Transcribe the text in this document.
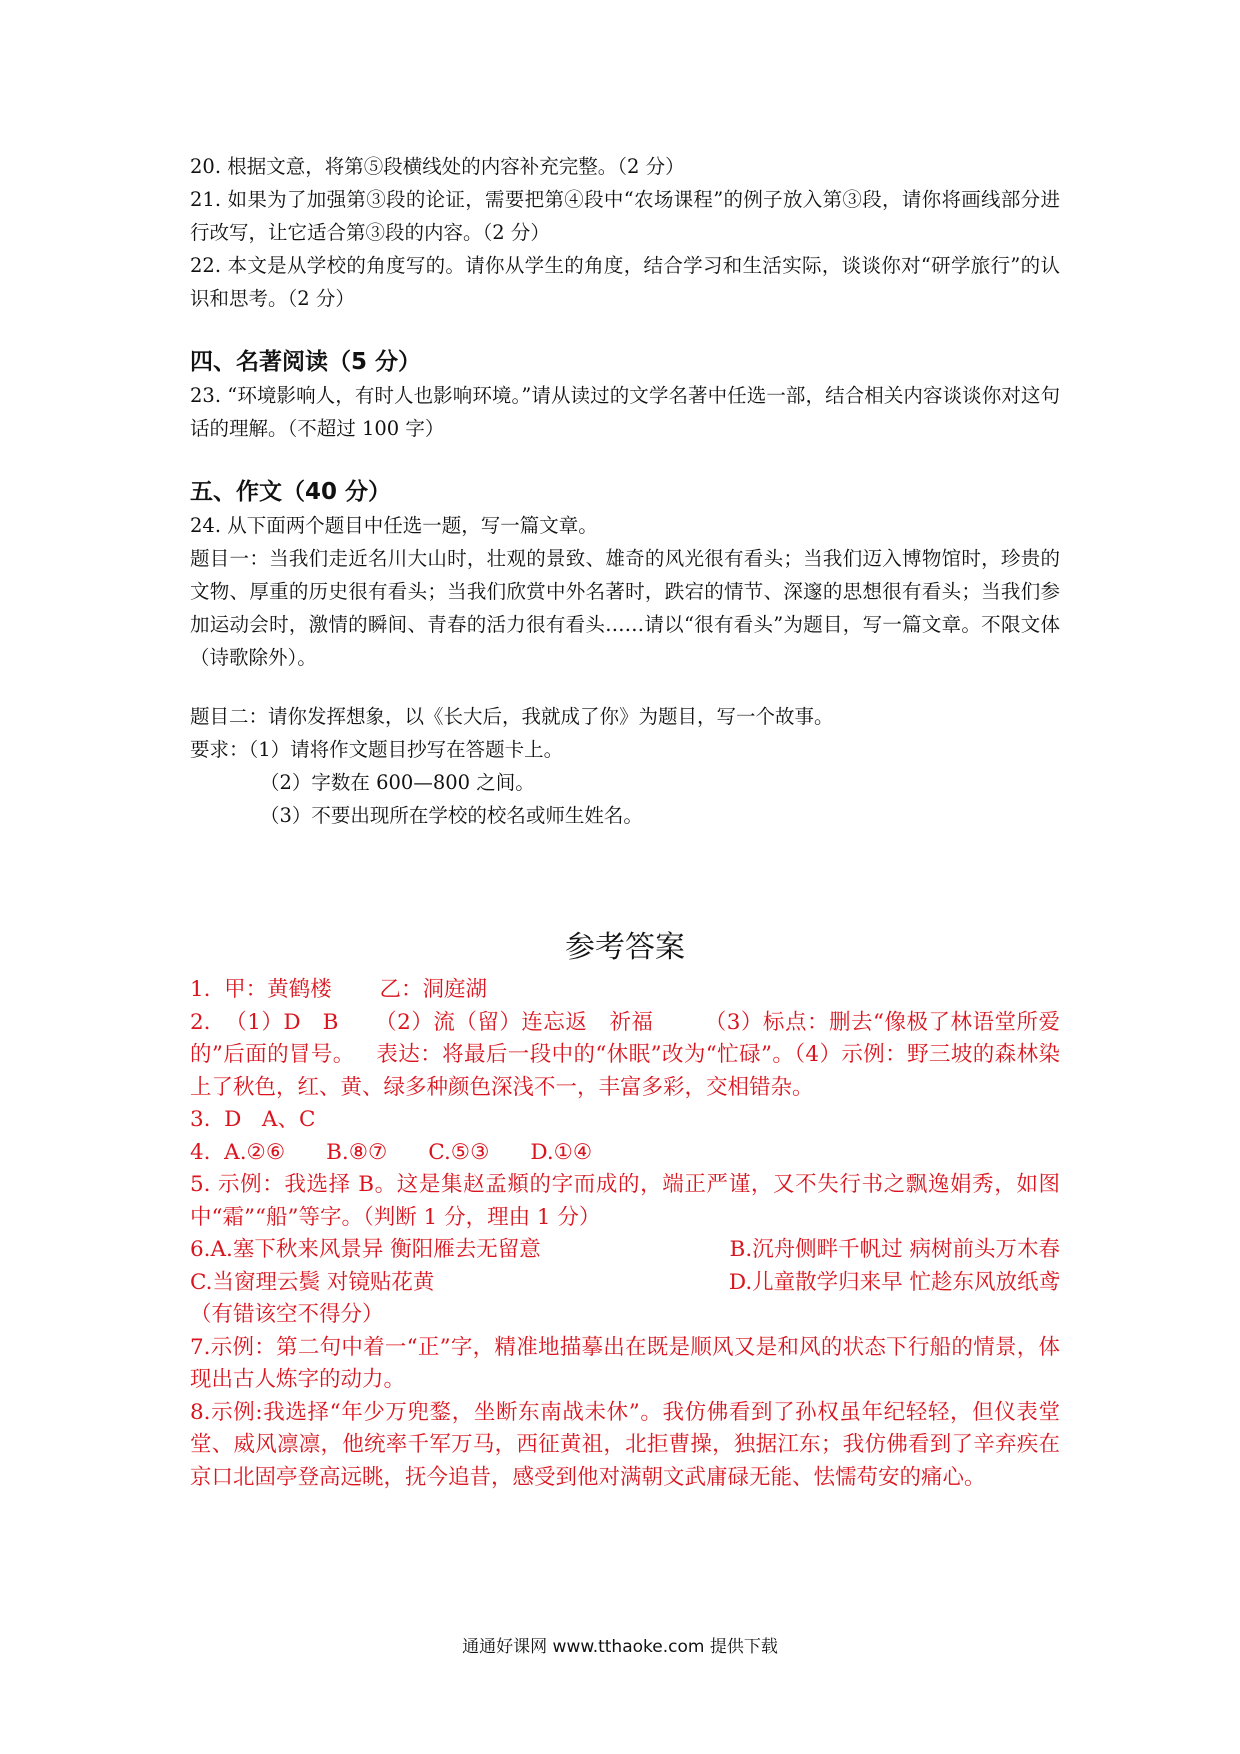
20. 根据文意，将第⑤段横线处的内容补充完整。（2 分）

21. 如果为了加强第③段的论证，需要把第④段中“农场课程”的例子放入第③段，请你将画线部分进行改写，让它适合第③段的内容。（2 分）

22. 本文是从学校的角度写的。请你从学生的角度，结合学习和生活实际，谈谈你对“研学旅行”的认识和思考。（2 分）

四、名著阅读（5 分）

23. “环境影响人，有时人也影响环境。”请从读过的文学名著中任选一部，结合相关内容谈谈你对这句话的理解。（不超过 100 字）

五、作文（40 分）

24. 从下面两个题目中任选一题，写一篇文章。

题目一：当我们走近名川大山时，壮观的景致、雄奇的风光很有看头；当我们迈入博物馆时，珍贵的文物、厚重的历史很有看头；当我们欣赏中外名著时，跌宕的情节、深邃的思想很有看头；当我们参加运动会时，激情的瞬间、青春的活力很有看头……请以“很有看头”为题目，写一篇文章。不限文体（诗歌除外）。

题目二：请你发挥想象，以《长大后，我就成了你》为题目，写一个故事。

要求：（1）请将作文题目抄写在答题卡上。

（2）字数在 600—800 之间。

（3）不要出现所在学校的校名或师生姓名。

参考答案

1.  甲：黄鹤楼       乙：洞庭湖

2.  （1）D   B     （2）流（留）连忘返   祈福       （3）标点：删去“像极了林语堂所爱的”后面的冒号。   表达：将最后一段中的“休眠”改为“忙碌”。（4）示例：野三坡的森林染上了秋色，红、黄、绿多种颜色深浅不一，丰富多彩，交相错杂。

3.  D   A、C

4.  A.②⑥      B.⑧⑦      C.⑤③      D.①④

5. 示例：我选择 B。这是集赵孟頫的字而成的，端正严谨，又不失行书之飘逸娟秀，如图中“霜”“船”等字。（判断 1 分，理由 1 分）

6.A.塞下秋来风景异 衡阳雁去无留意	B.沉舟侧畔千帆过 病树前头万木春
C.当窗理云鬓 对镜贴花黄	D.儿童散学归来早 忙趁东风放纸鸢

（有错该空不得分）

7.示例：第二句中着一“正”字，精准地描摹出在既是顺风又是和风的状态下行船的情景，体现出古人炼字的动力。

8.示例:我选择“年少万兜鍪，坐断东南战未休”。我仿佛看到了孙权虽年纪轻轻，但仪表堂堂、威风凛凛，他统率千军万马，西征黄祖，北拒曹操，独据江东；我仿佛看到了辛弃疾在京口北固亭登高远眺，抚今追昔，感受到他对满朝文武庸碌无能、怯懦苟安的痛心。

通通好课网 www.tthaoke.com 提供下载
